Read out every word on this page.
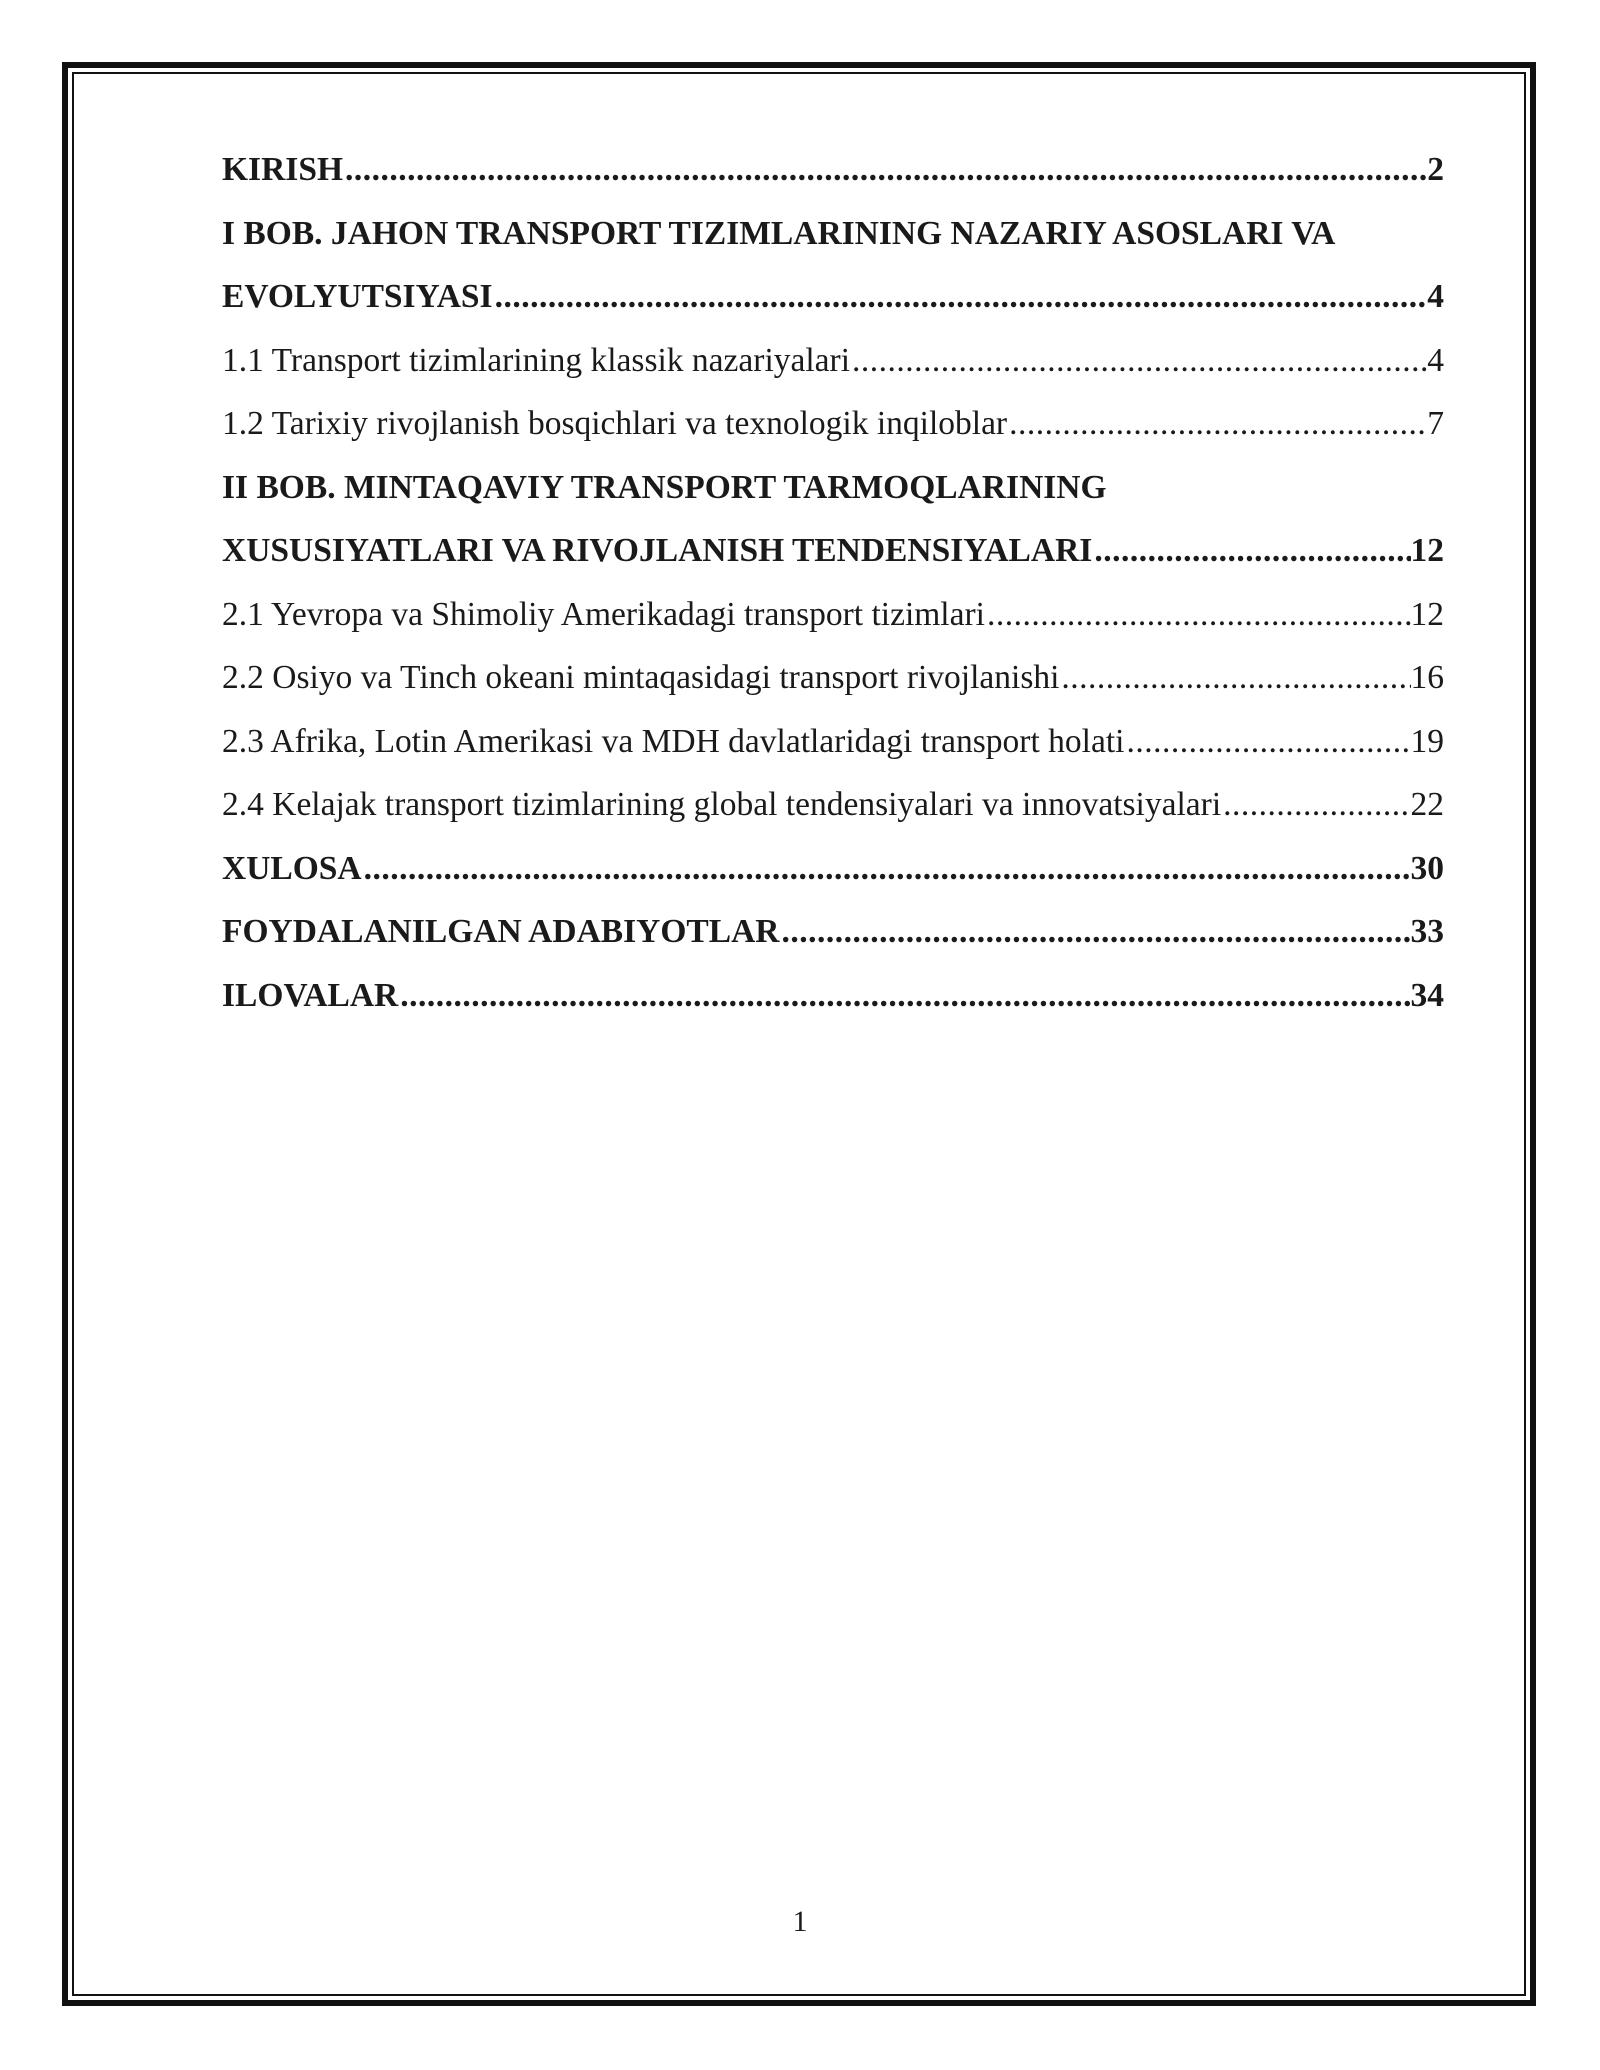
KIRISH .....	2
I BOB. JAHON TRANSPORT TIZIMLARINING NAZARIY ASOSLARI VA
EVOLYUTSIYASI .....	4
1.1 Transport tizimlarining klassik nazariyalari .....	4
1.2 Tarixiy rivojlanish bosqichlari va texnologik inqiloblar .....	7
II BOB. MINTAQAVIY TRANSPORT TARMOQLARINING
XUSUSIYATLARI VA RIVOJLANISH TENDENSIYALARI .....	12
2.1 Yevropa va Shimoliy Amerikadagi transport tizimlari .....	12
2.2 Osiyo va Tinch okeani mintaqasidagi transport rivojlanishi .....	16
2.3 Afrika, Lotin Amerikasi va MDH davlatlaridagi transport holati .....	19
2.4 Kelajak transport tizimlarining global tendensiyalari va innovatsiyalari .....	22
XULOSA .....	30
FOYDALANILGAN ADABIYOTLAR .....	33
ILOVALAR .....	34
1
